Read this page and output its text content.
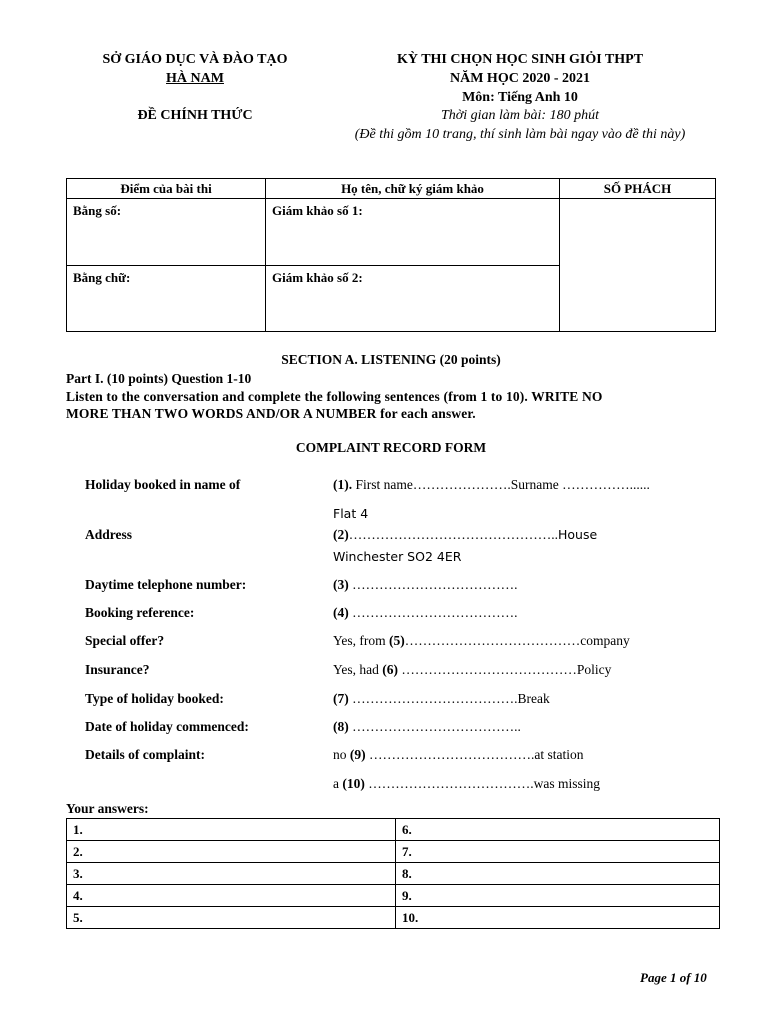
SỞ GIÁO DỤC VÀ ĐÀO TẠO
HÀ NAM
ĐỀ CHÍNH THỨC
KỲ THI CHỌN HỌC SINH GIỎI THPT
NĂM HỌC 2020 - 2021
Môn: Tiếng Anh 10
Thời gian làm bài: 180 phút
(Đề thi gồm 10 trang, thí sinh làm bài ngay vào đề thi này)
Điểm của bài thi	Họ tên, chữ ký giám khảo	SỐ PHÁCH
Bằng số:	Giám khảo số 1:	
Bằng chữ:	Giám khảo số 2:	
SECTION A. LISTENING (20 points)
Part I. (10 points) Question 1-10
Listen to the conversation and complete the following sentences (from 1 to 10). WRITE NO
MORE THAN TWO WORDS AND/OR A NUMBER for each answer.
COMPLAINT RECORD FORM
Holiday booked in name of	(1). First name………………….Surname ……………......
Flat 4
Address	(2)………………………………………..House
Winchester SO2 4ER
Daytime telephone number:	(3) ……………………………….
Booking reference:	(4) ……………………………….
Special offer?	Yes, from (5)…………………………………company
Insurance?	Yes, had (6) …………………………………Policy
Type of holiday booked:	(7) ……………………………….Break
Date of holiday commenced:	(8) ………………………………..
Details of complaint:	no (9) ……………………………….at station
a (10) ……………………………….was missing
Your answers:
1.	6.
2.	7.
3.	8.
4.	9.
5.	10.
Page 1 of 10
